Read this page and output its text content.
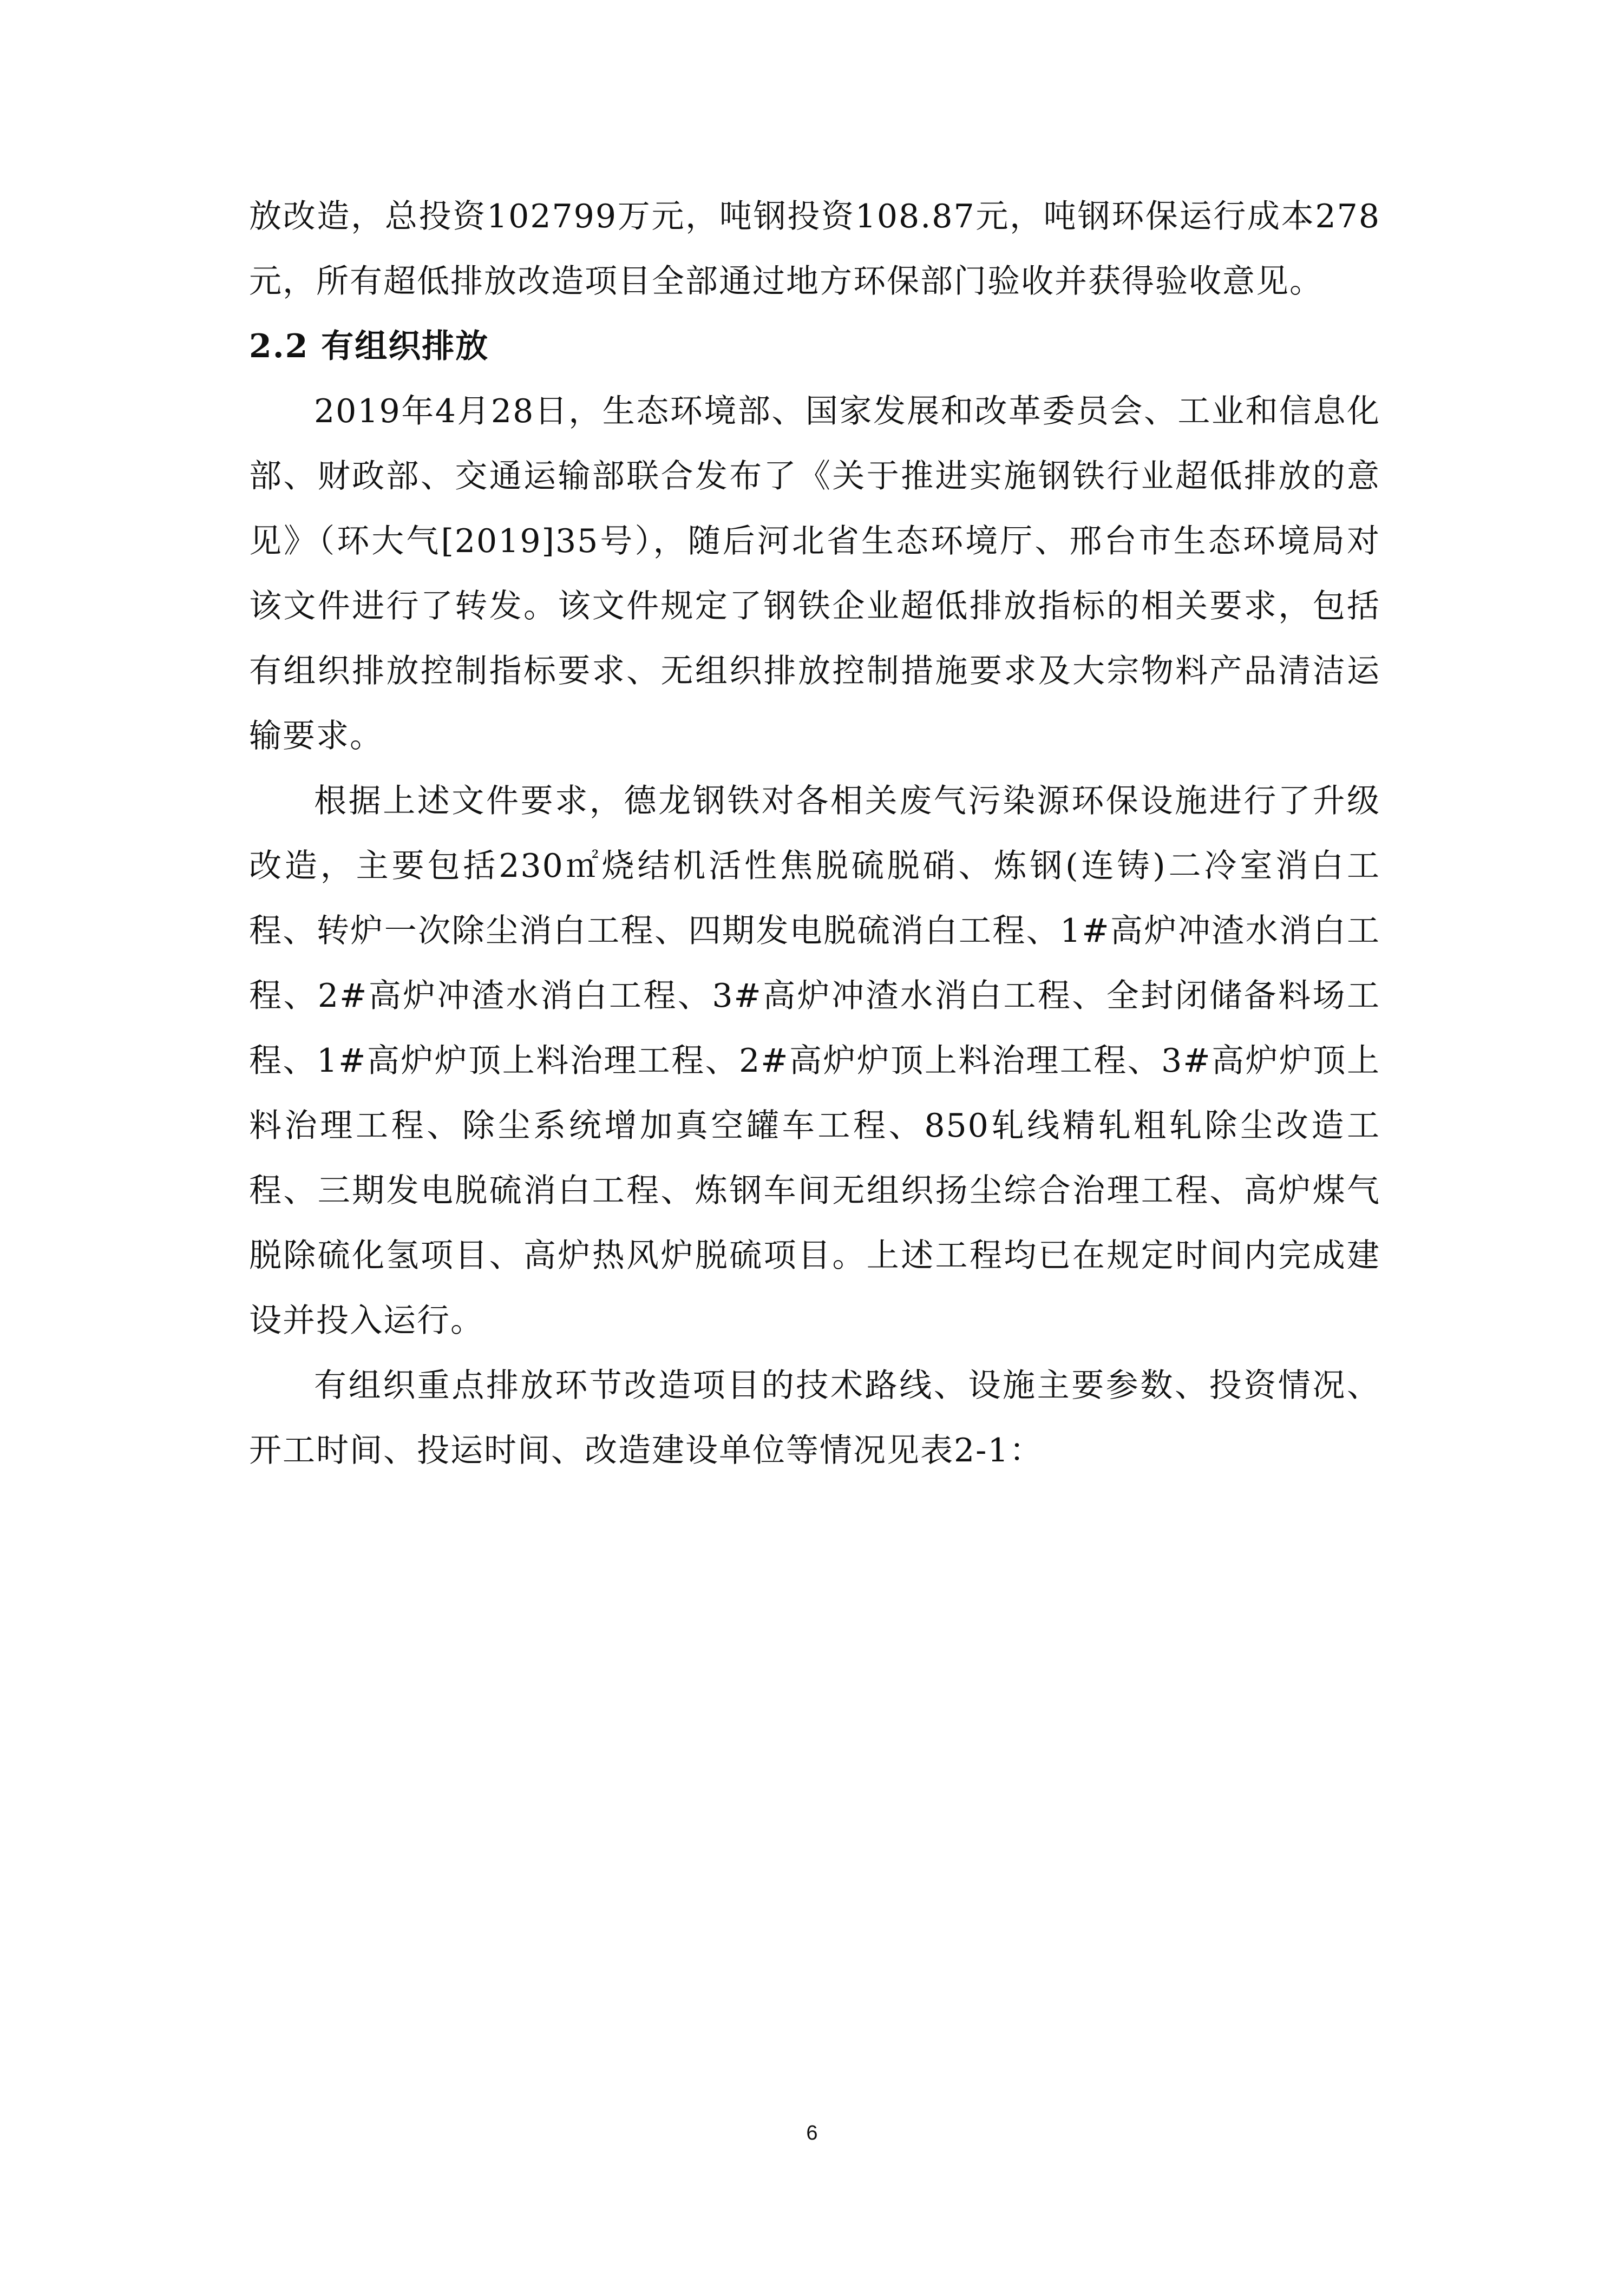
放改造，总投资102799万元，吨钢投资108.87元，吨钢环保运行成本278元，所有超低排放改造项目全部通过地方环保部门验收并获得验收意见。

2.2 有组织排放

2019年4月28日，生态环境部、国家发展和改革委员会、工业和信息化部、财政部、交通运输部联合发布了《关于推进实施钢铁行业超低排放的意见》（环大气[2019]35号），随后河北省生态环境厅、邢台市生态环境局对该文件进行了转发。该文件规定了钢铁企业超低排放指标的相关要求，包括有组织排放控制指标要求、无组织排放控制措施要求及大宗物料产品清洁运输要求。

根据上述文件要求，德龙钢铁对各相关废气污染源环保设施进行了升级改造，主要包括230㎡烧结机活性焦脱硫脱硝、炼钢(连铸)二冷室消白工程、转炉一次除尘消白工程、四期发电脱硫消白工程、1#高炉冲渣水消白工程、2#高炉冲渣水消白工程、3#高炉冲渣水消白工程、全封闭储备料场工程、1#高炉炉顶上料治理工程、2#高炉炉顶上料治理工程、3#高炉炉顶上料治理工程、除尘系统增加真空罐车工程、850轧线精轧粗轧除尘改造工程、三期发电脱硫消白工程、炼钢车间无组织扬尘综合治理工程、高炉煤气脱除硫化氢项目、高炉热风炉脱硫项目。上述工程均已在规定时间内完成建设并投入运行。

有组织重点排放环节改造项目的技术路线、设施主要参数、投资情况、开工时间、投运时间、改造建设单位等情况见表2-1：

6
